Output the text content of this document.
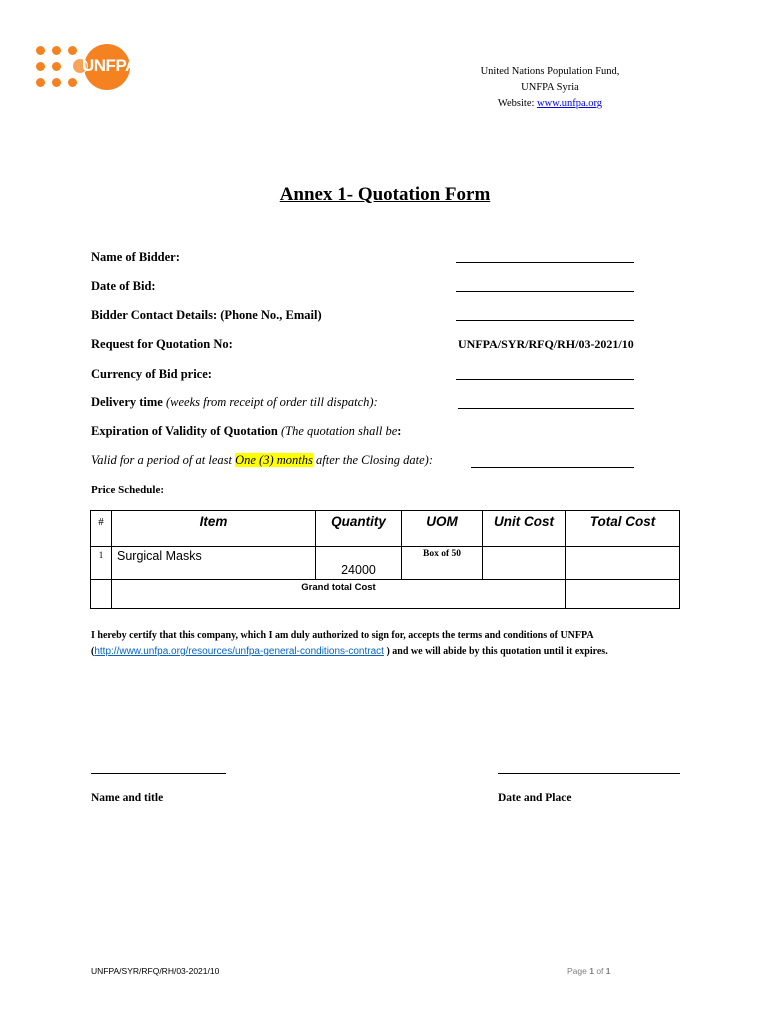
UNFPA	United Nations Population Fund,
UNFPA Syria
Website: www.unfpa.org
Annex 1- Quotation Form
Name of Bidder:
Date of Bid:
Bidder Contact Details: (Phone No., Email)
Request for Quotation No:	UNFPA/SYR/RFQ/RH/03-2021/10
Currency of Bid price:
Delivery time (weeks from receipt of order till dispatch):
Expiration of Validity of Quotation (The quotation shall be:
Valid for a period of at least One (3) months after the Closing date):
Price Schedule:
#	Item	Quantity	UOM	Unit Cost	Total Cost
1	Surgical Masks	24000	Box of 50		
	Grand total Cost				
I hereby certify that this company, which I am duly authorized to sign for, accepts the terms and conditions of UNFPA (http://www.unfpa.org/resources/unfpa-general-conditions-contract ) and we will abide by this quotation until it expires.
Name and title	Date and Place
UNFPA/SYR/RFQ/RH/03-2021/10	Page 1 of 1
